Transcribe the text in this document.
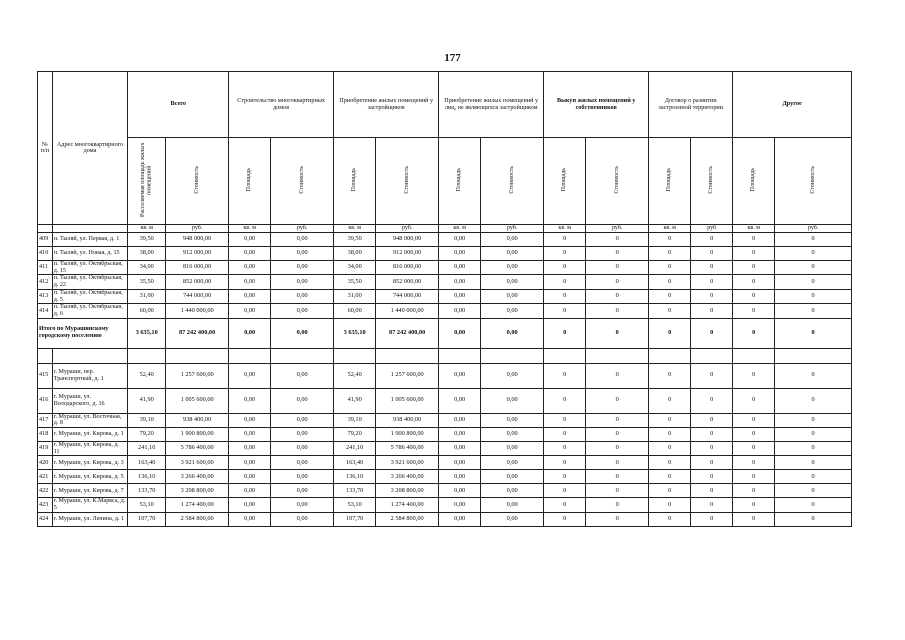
177
№ п/п	Адрес многоквартирного дома	Всего		Строительство многоквартирных домов		Приобретение жилых помещений у застройщиков		Приобретение жилых помещений у лиц, не являющихся застройщиком		Выкуп жилых помещений у собственников		Договор о развитии застроенной территории		Другое	
		Расселяемая площадь жилых помещений	Стоимость	Площадь	Стоимость	Площадь	Стоимость	Площадь	Стоимость	Площадь	Стоимость	Площадь	Стоимость	Площадь	Стоимость
		кв. м	руб.	кв. м	руб.	кв. м	руб.	кв. м	руб.	кв. м	руб.	кв. м	руб	кв. м	руб.
409	п. Тыляй, ул. Первая, д. 1	39,50	948 000,00	0,00	0,00	39,50	948 000,00	0,00	0,00	0	0	0	0	0	0
410	п. Тыляй, ул. Новая, д. 15	38,00	912 000,00	0,00	0,00	38,00	912 000,00	0,00	0,00	0	0	0	0	0	0
411	п. Тыляй, ул. Октябрьская, д. 15	34,00	816 000,00	0,00	0,00	34,00	816 000,00	0,00	0,00	0	0	0	0	0	0
412	п. Тыляй, ул. Октябрьская, д. 22	35,50	852 000,00	0,00	0,00	35,50	852 000,00	0,00	0,00	0	0	0	0	0	0
413	п. Тыляй, ул. Октябрьская, д. 5	31,00	744 000,00	0,00	0,00	31,00	744 000,00	0,00	0,00	0	0	0	0	0	0
414	п. Тыляй, ул. Октябрьская, д. 6	60,00	1 440 000,00	0,00	0,00	60,00	1 440 000,00	0,00	0,00	0	0	0	0	0	0
Итого по Мурашинскому городскому поселению		3 635,10	87 242 400,00	0,00	0,00	3 635,10	87 242 400,00	0,00	0,00	0	0	0	0	0	0

415	г. Мураши, пер. Транспортный, д. 1	52,40	1 257 600,00	0,00	0,00	52,40	1 257 600,00	0,00	0,00	0	0	0	0	0	0
416	г. Мураши, ул. Володарского, д. 16	41,90	1 005 600,00	0,00	0,00	41,90	1 005 600,00	0,00	0,00	0	0	0	0	0	0
417	г. Мураши, ул. Восточная, д. 8	39,10	938 400,00	0,00	0,00	39,10	938 400,00	0,00	0,00	0	0	0	0	0	0
418	г. Мураши, ул. Кирова, д. 1	79,20	1 900 800,00	0,00	0,00	79,20	1 900 800,00	0,00	0,00	0	0	0	0	0	0
419	г. Мураши, ул. Кирова, д. 11	241,10	5 786 400,00	0,00	0,00	241,10	5 786 400,00	0,00	0,00	0	0	0	0	0	0
420	г. Мураши, ул. Кирова, д. 3	163,40	3 921 600,00	0,00	0,00	163,40	3 921 600,00	0,00	0,00	0	0	0	0	0	0
421	г. Мураши, ул. Кирова, д. 5	136,10	3 266 400,00	0,00	0,00	136,10	3 266 400,00	0,00	0,00	0	0	0	0	0	0
422	г. Мураши, ул. Кирова, д. 7	133,70	3 208 800,00	0,00	0,00	133,70	3 208 800,00	0,00	0,00	0	0	0	0	0	0
423	г. Мураши, ул. К.Маркса, д. 5	53,10	1 274 400,00	0,00	0,00	53,10	1 274 400,00	0,00	0,00	0	0	0	0	0	0
424	г. Мураши, ул. Ленина, д. 1	107,70	2 584 800,00	0,00	0,00	107,70	2 584 800,00	0,00	0,00	0	0	0	0	0	0
